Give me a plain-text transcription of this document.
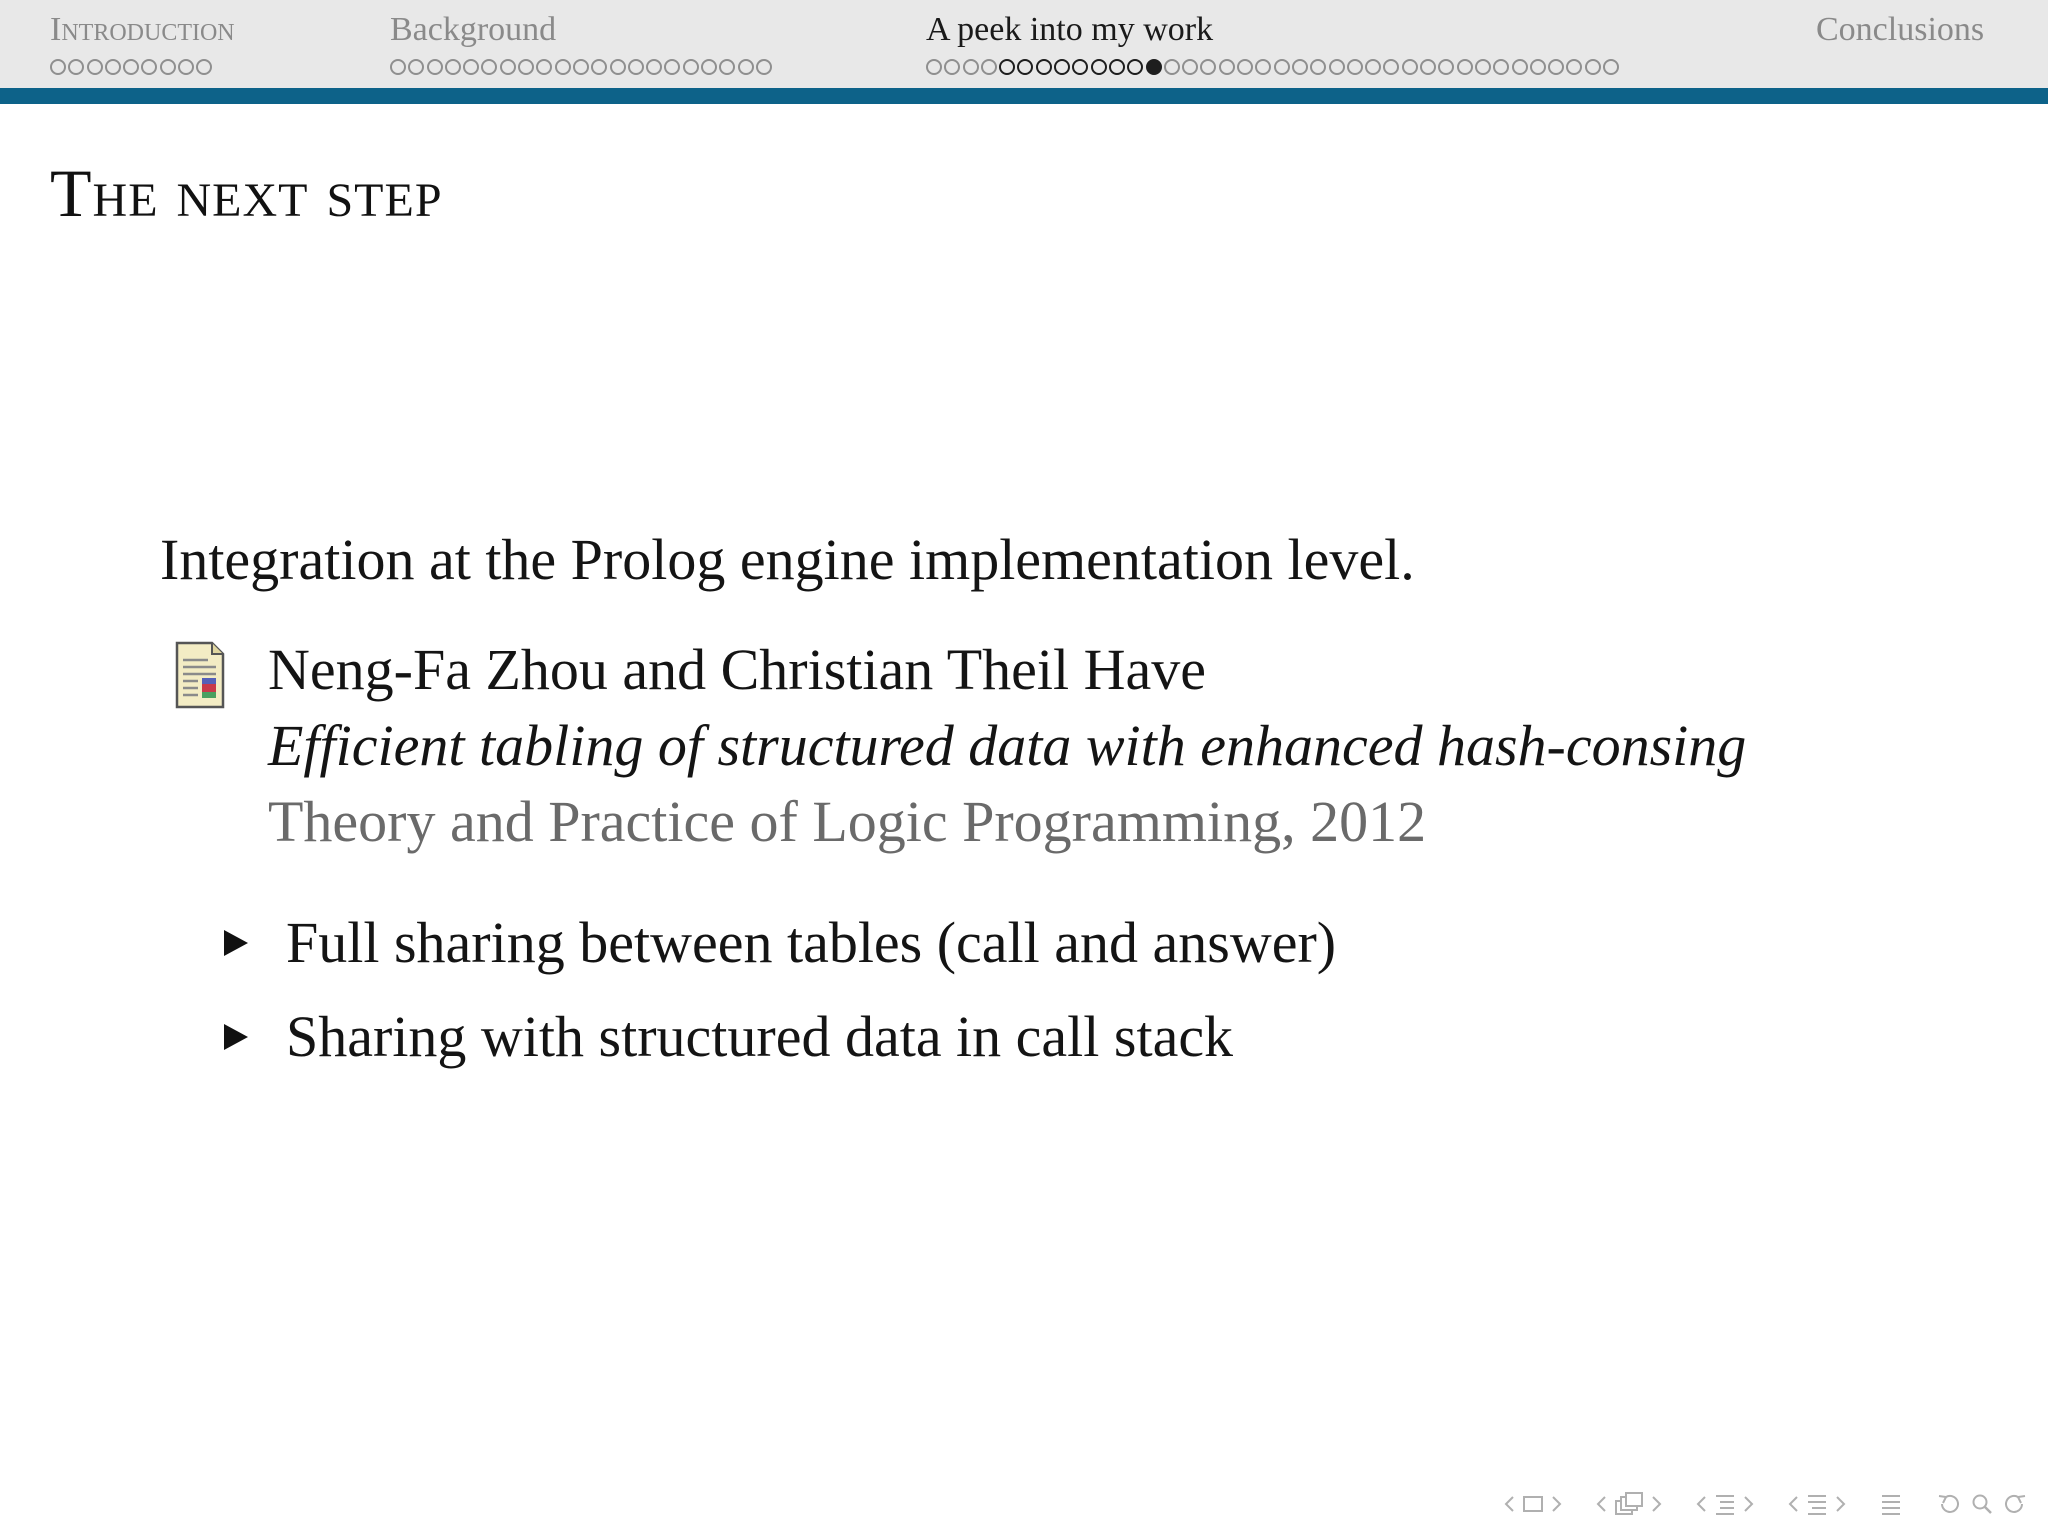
Introduction	Background	A peek into my work	Conclusions
The next step
Integration at the Prolog engine implementation level.
Neng-Fa Zhou and Christian Theil Have
Efficient tabling of structured data with enhanced hash-consing
Theory and Practice of Logic Programming, 2012
Full sharing between tables (call and answer)
Sharing with structured data in call stack
